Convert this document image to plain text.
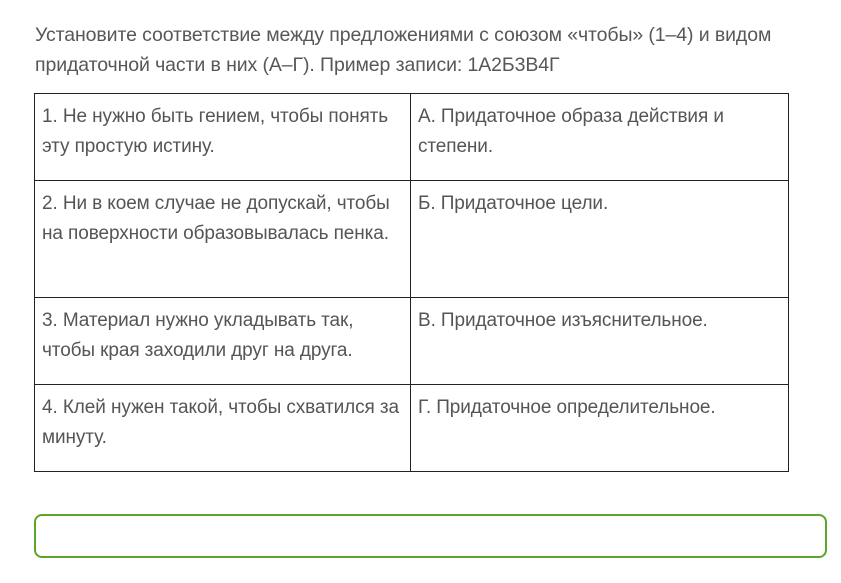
Установите соответствие между предложениями с союзом «чтобы» (1–4) и видом
придаточной части в них (А–Г). Пример записи: 1А2Б3В4Г

1. Не нужно быть гением, чтобы понять эту простую истину.	А. Придаточное образа действия и степени.
2. Ни в коем случае не допускай, чтобы на поверхности образовывалась пенка.	Б. Придаточное цели.
3. Материал нужно укладывать так, чтобы края заходили друг на друга.	В. Придаточное изъяснительное.
4. Клей нужен такой, чтобы схватился за минуту.	Г. Придаточное определительное.
